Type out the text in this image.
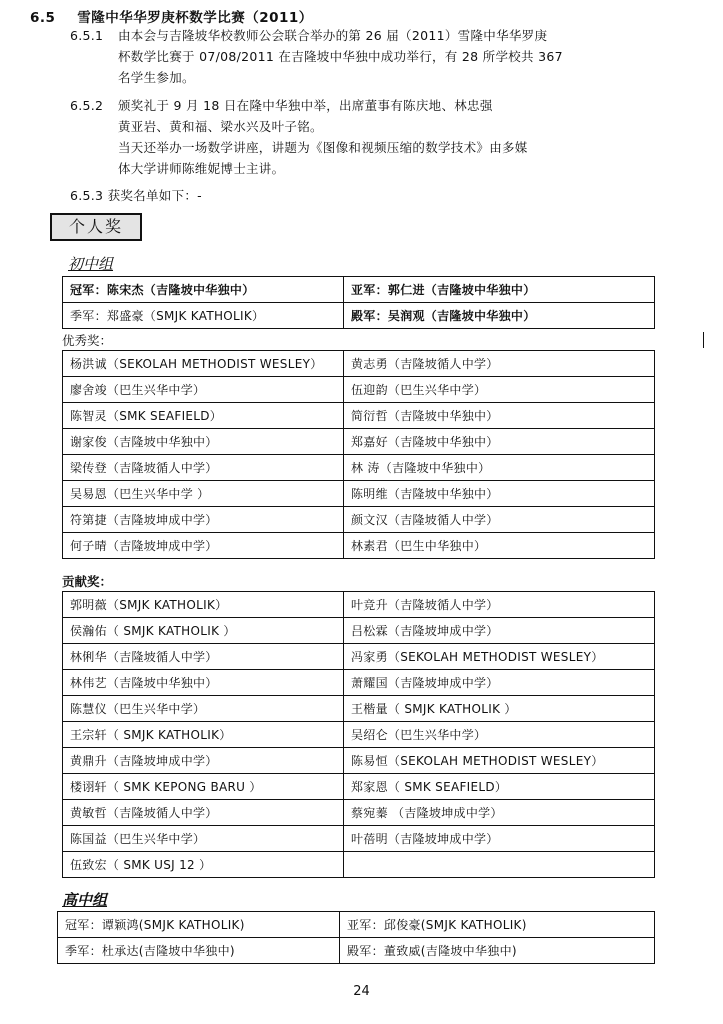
6.5 雪隆中华华罗庚杯数学比赛（2011）
6.5.1 由本会与吉隆坡华校教师公会联合举办的第 26 届（2011）雪隆中华华罗庚
杯数学比赛于 07/08/2011 在吉隆坡中华独中成功举行，有 28 所学校共 367
名学生参加。
6.5.2 颁奖礼于 9 月 18 日在隆中华独中举，出席董事有陈庆地、林忠强
黄亚岩、黄和福、梁水兴及叶子铭。
当天还举办一场数学讲座，讲题为《图像和视频压缩的数学技术》由多媒
体大学讲师陈维妮博士主讲。
6.5.3 获奖名单如下：-
个人奖
初中组
冠军：陈宋杰（吉隆坡中华独中）	亚军：郭仁进（吉隆坡中华独中）
季军：郑盛豪（SMJK KATHOLIK）	殿军：吴润观（吉隆坡中华独中）
优秀奖：
杨洪诚（SEKOLAH METHODIST WESLEY）	黄志勇（吉隆坡循人中学）
廖舍竣（巴生兴华中学）	伍迎韵（巴生兴华中学）
陈智灵（SMK SEAFIELD）	简衍哲（吉隆坡中华独中）
谢家俊（吉隆坡中华独中）	郑嘉好（吉隆坡中华独中）
梁传登（吉隆坡循人中学）	林 涛（吉隆坡中华独中）
吴易恩（巴生兴华中学 ）	陈明维（吉隆坡中华独中）
符第捷（吉隆坡坤成中学）	颜文汉（吉隆坡循人中学）
何子晴（吉隆坡坤成中学）	林素君（巴生中华独中）
贡献奖：
郭明薇（SMJK KATHOLIK）	叶竞升（吉隆坡循人中学）
侯瀚佑（ SMJK KATHOLIK ）	吕松霖（吉隆坡坤成中学）
林俐华（吉隆坡循人中学）	冯家勇（SEKOLAH METHODIST WESLEY）
林伟艺（吉隆坡中华独中）	萧耀国（吉隆坡坤成中学）
陈慧仪（巴生兴华中学）	王楷量（ SMJK KATHOLIK ）
王宗轩（ SMJK KATHOLIK）	吴绍仑（巴生兴华中学）
黄鼎升（吉隆坡坤成中学）	陈易恒（SEKOLAH METHODIST WESLEY）
楼诩轩（ SMK KEPONG BARU ）	郑家恩（ SMK SEAFIELD）
黄敏哲（吉隆坡循人中学）	蔡宛蓁 （吉隆坡坤成中学）
陈国益（巴生兴华中学）	叶蓓明（吉隆坡坤成中学）
伍致宏（ SMK USJ 12 ）	
高中组
冠军：谭颖鸿(SMJK KATHOLIK)	亚军：邱俊豪(SMJK KATHOLIK)
季军：杜承达(吉隆坡中华独中)	殿军：董致威(吉隆坡中华独中)
24
